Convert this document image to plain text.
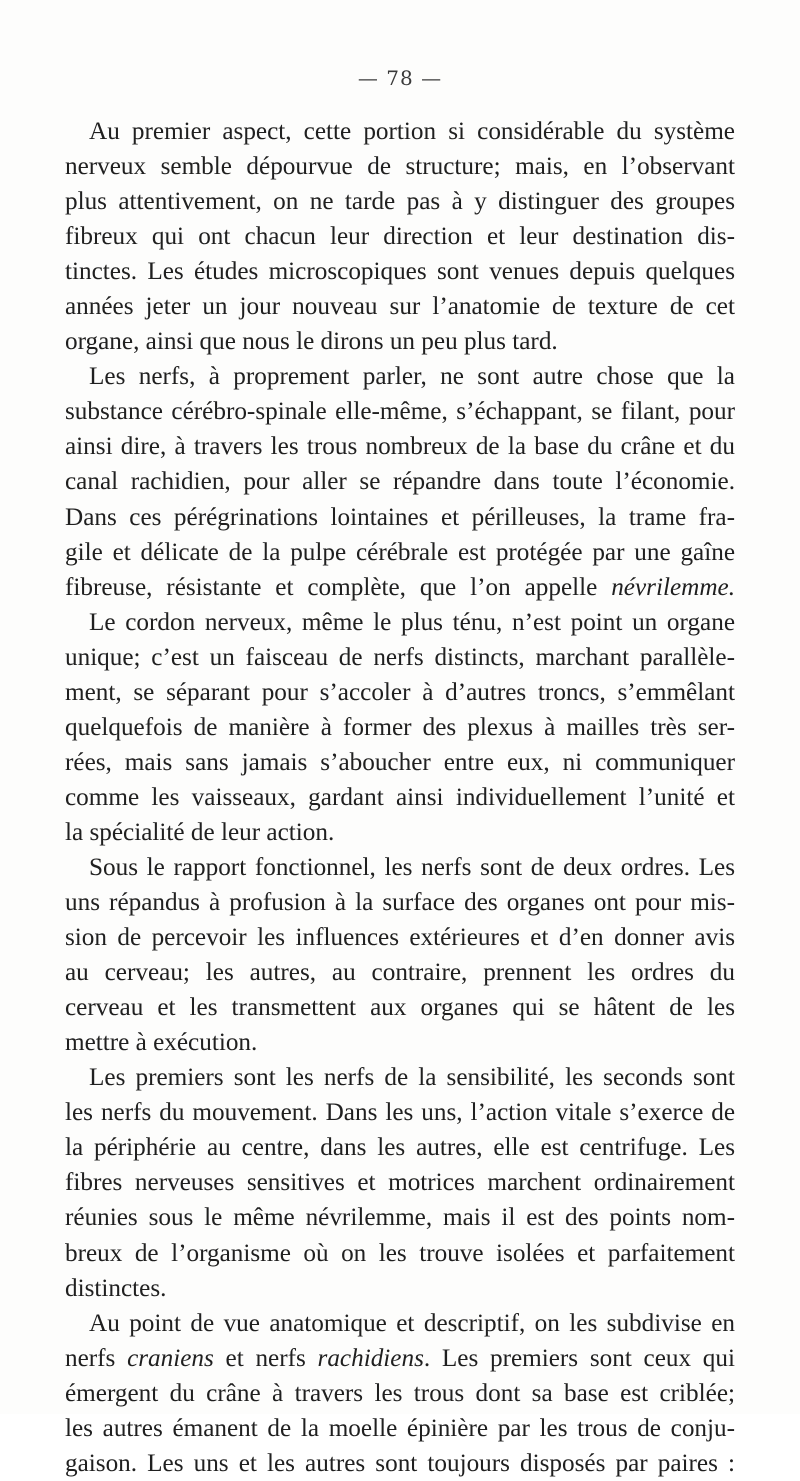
— 78 —
Au premier aspect, cette portion si considérable du système
nerveux semble dépourvue de structure; mais, en l’observant
plus attentivement, on ne tarde pas à y distinguer des groupes
fibreux qui ont chacun leur direction et leur destination dis-
tinctes. Les études microscopiques sont venues depuis quelques
années jeter un jour nouveau sur l’anatomie de texture de cet
organe, ainsi que nous le dirons un peu plus tard.
Les nerfs, à proprement parler, ne sont autre chose que la
substance cérébro-spinale elle-même, s’échappant, se filant, pour
ainsi dire, à travers les trous nombreux de la base du crâne et du
canal rachidien, pour aller se répandre dans toute l’économie.
Dans ces pérégrinations lointaines et périlleuses, la trame fra-
gile et délicate de la pulpe cérébrale est protégée par une gaîne
fibreuse, résistante et complète, que l’on appelle névrilemme.
Le cordon nerveux, même le plus ténu, n’est point un organe
unique; c’est un faisceau de nerfs distincts, marchant parallèle-
ment, se séparant pour s’accoler à d’autres troncs, s’emmêlant
quelquefois de manière à former des plexus à mailles très ser-
rées, mais sans jamais s’aboucher entre eux, ni communiquer
comme les vaisseaux, gardant ainsi individuellement l’unité et
la spécialité de leur action.
Sous le rapport fonctionnel, les nerfs sont de deux ordres. Les
uns répandus à profusion à la surface des organes ont pour mis-
sion de percevoir les influences extérieures et d’en donner avis
au cerveau; les autres, au contraire, prennent les ordres du
cerveau et les transmettent aux organes qui se hâtent de les
mettre à exécution.
Les premiers sont les nerfs de la sensibilité, les seconds sont
les nerfs du mouvement. Dans les uns, l’action vitale s’exerce de
la périphérie au centre, dans les autres, elle est centrifuge. Les
fibres nerveuses sensitives et motrices marchent ordinairement
réunies sous le même névrilemme, mais il est des points nom-
breux de l’organisme où on les trouve isolées et parfaitement
distinctes.
Au point de vue anatomique et descriptif, on les subdivise en
nerfs craniens et nerfs rachidiens. Les premiers sont ceux qui
émergent du crâne à travers les trous dont sa base est criblée;
les autres émanent de la moelle épinière par les trous de conju-
gaison. Les uns et les autres sont toujours disposés par paires :
